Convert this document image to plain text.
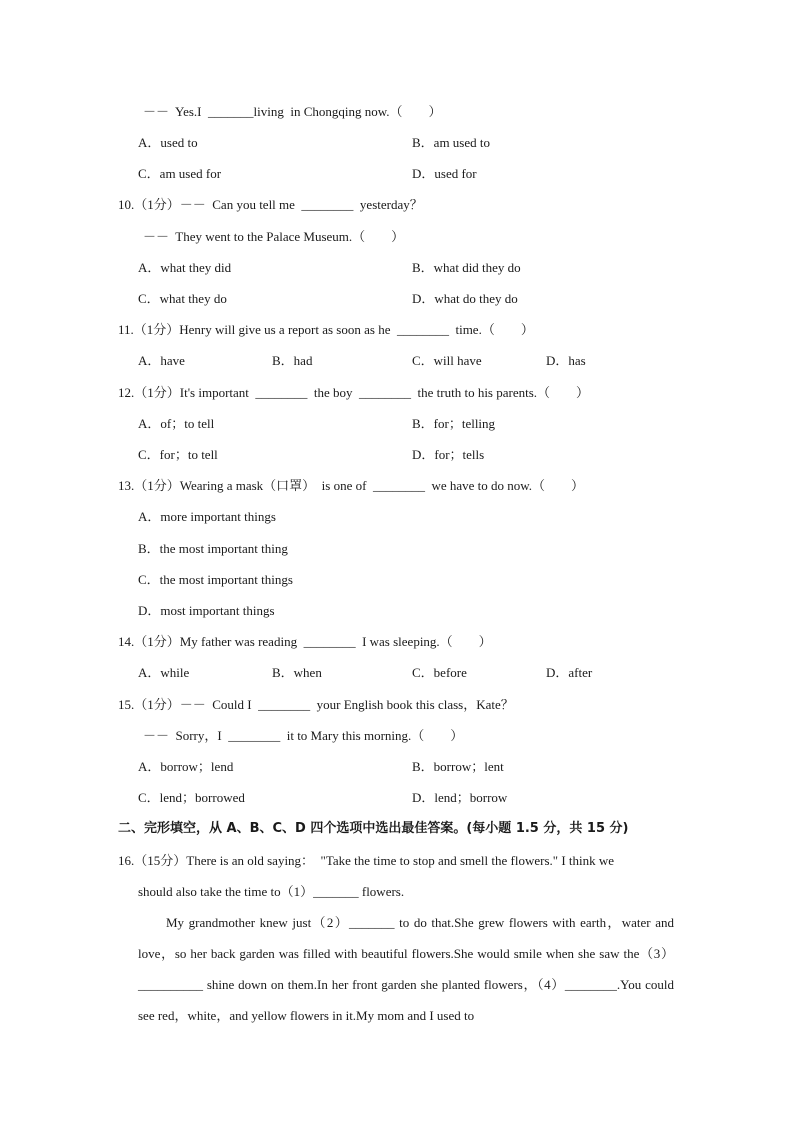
－－  Yes.I  _______living  in Chongqing now.（        ）
A．used to	B．am used to
C．am used for	D．used for
10.（1分）－－  Can you tell me  ________  yesterday？
－－  They went to the Palace Museum.（        ）
A．what they did	B．what did they do
C．what they do	D．what do they do
11.（1分）Henry will give us a report as soon as he  ________  time.（        ）
A．have	B．had	C．will have	D．has
12.（1分）It's important  ________  the boy  ________  the truth to his parents.（        ）
A．of；to tell	B．for；telling
C．for；to tell	D．for；tells
13.（1分）Wearing a mask（口罩）  is one of  ________  we have to do now.（        ）
A．more important things
B．the most important thing
C．the most important things
D．most important things
14.（1分）My father was reading  ________  I was sleeping.（        ）
A．while	B．when	C．before	D．after
15.（1分）－－  Could I  ________  your English book this class，Kate？
－－  Sorry，I  ________  it to Mary this morning.（        ）
A．borrow；lend	B．borrow；lent
C．lend；borrowed	D．lend；borrow
二、完形填空，从 A、B、C、D 四个选项中选出最佳答案。(每小题 1.5 分，共 15 分)
16.（15分）There is an old saying：  "Take the time to stop and smell the flowers." I think we
should also take the time to（1）_______ flowers.
My grandmother knew just（2）_______ to do that.She grew flowers with earth，water and love，so her back garden was filled with beautiful flowers.She would smile when she saw the（3）__________ shine down on them.In her front garden she planted flowers，（4）________.You could see red，white，and yellow flowers in it.My mom and I used to
